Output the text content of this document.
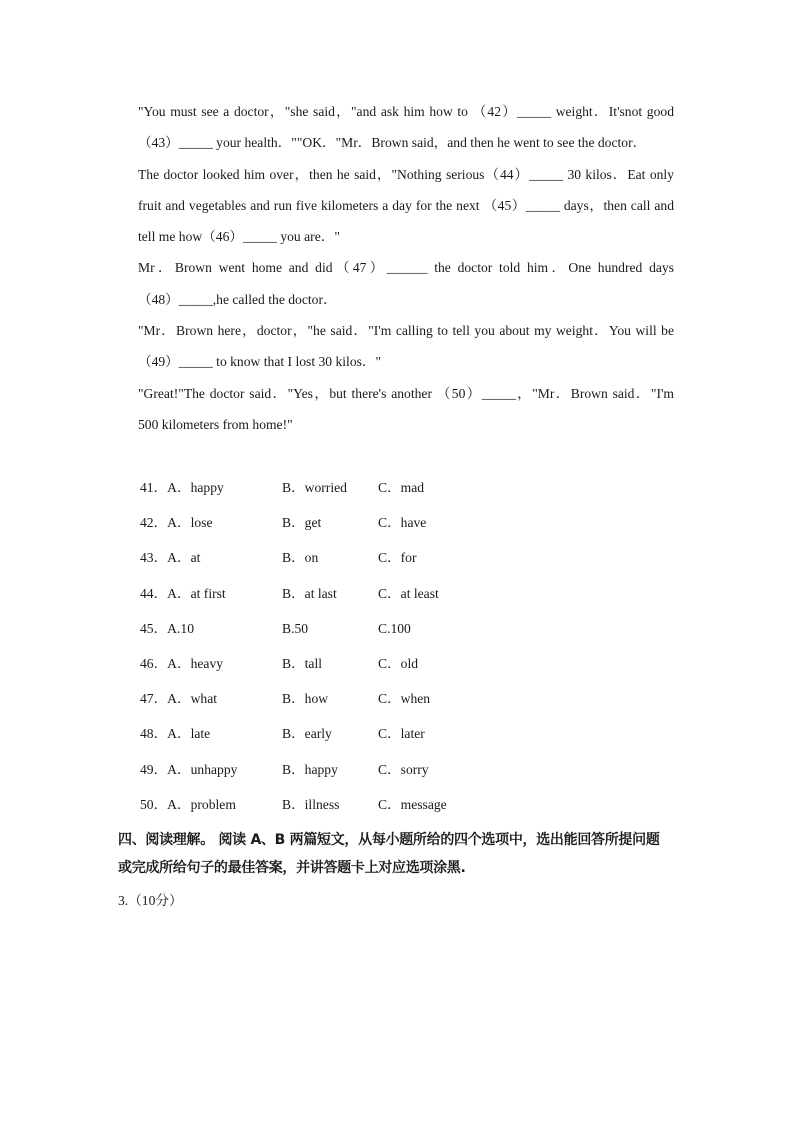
"You must see a doctor，"she said，"and ask him how to （42）_____ weight．It'snot good
（43）_____ your health．""OK．"Mr．Brown said，and then he went to see the doctor．
The doctor looked him over，then he said，"Nothing serious（44）_____ 30 kilos．Eat only
fruit and vegetables and run five kilometers a day for the next （45）_____ days，then call and
tell me how（46）_____ you are．"
Mr．Brown went home and did（47）______ the doctor told him．One hundred days
（48）_____,he called the doctor．
"Mr．Brown here，doctor，"he said．"I'm calling to tell you about my weight．You will be
（49）_____ to know that I lost 30 kilos．"
"Great!"The doctor said．"Yes，but there's another （50）_____，"Mr．Brown said．"I'm
500 kilometers from home!"
41．A．happy	B．worried C．mad
42．A．lose	B．get	C．have
43．A．at	B．on	C．for
44．A．at first	B．at last	C．at least
45．A.10	B.50	C.100
46．A．heavy	B．tall	C．old
47．A．what	B．how	C．when
48．A．late	B．early	C．later
49．A．unhappy	B．happy	C．sorry
50．A．problem	B．illness	C．message
四、阅读理解。 阅读 A、B 两篇短文，从每小题所给的四个选项中，选出能回答所提问题
或完成所给句子的最佳答案，并讲答题卡上对应选项涂黑.
3.（10分）
